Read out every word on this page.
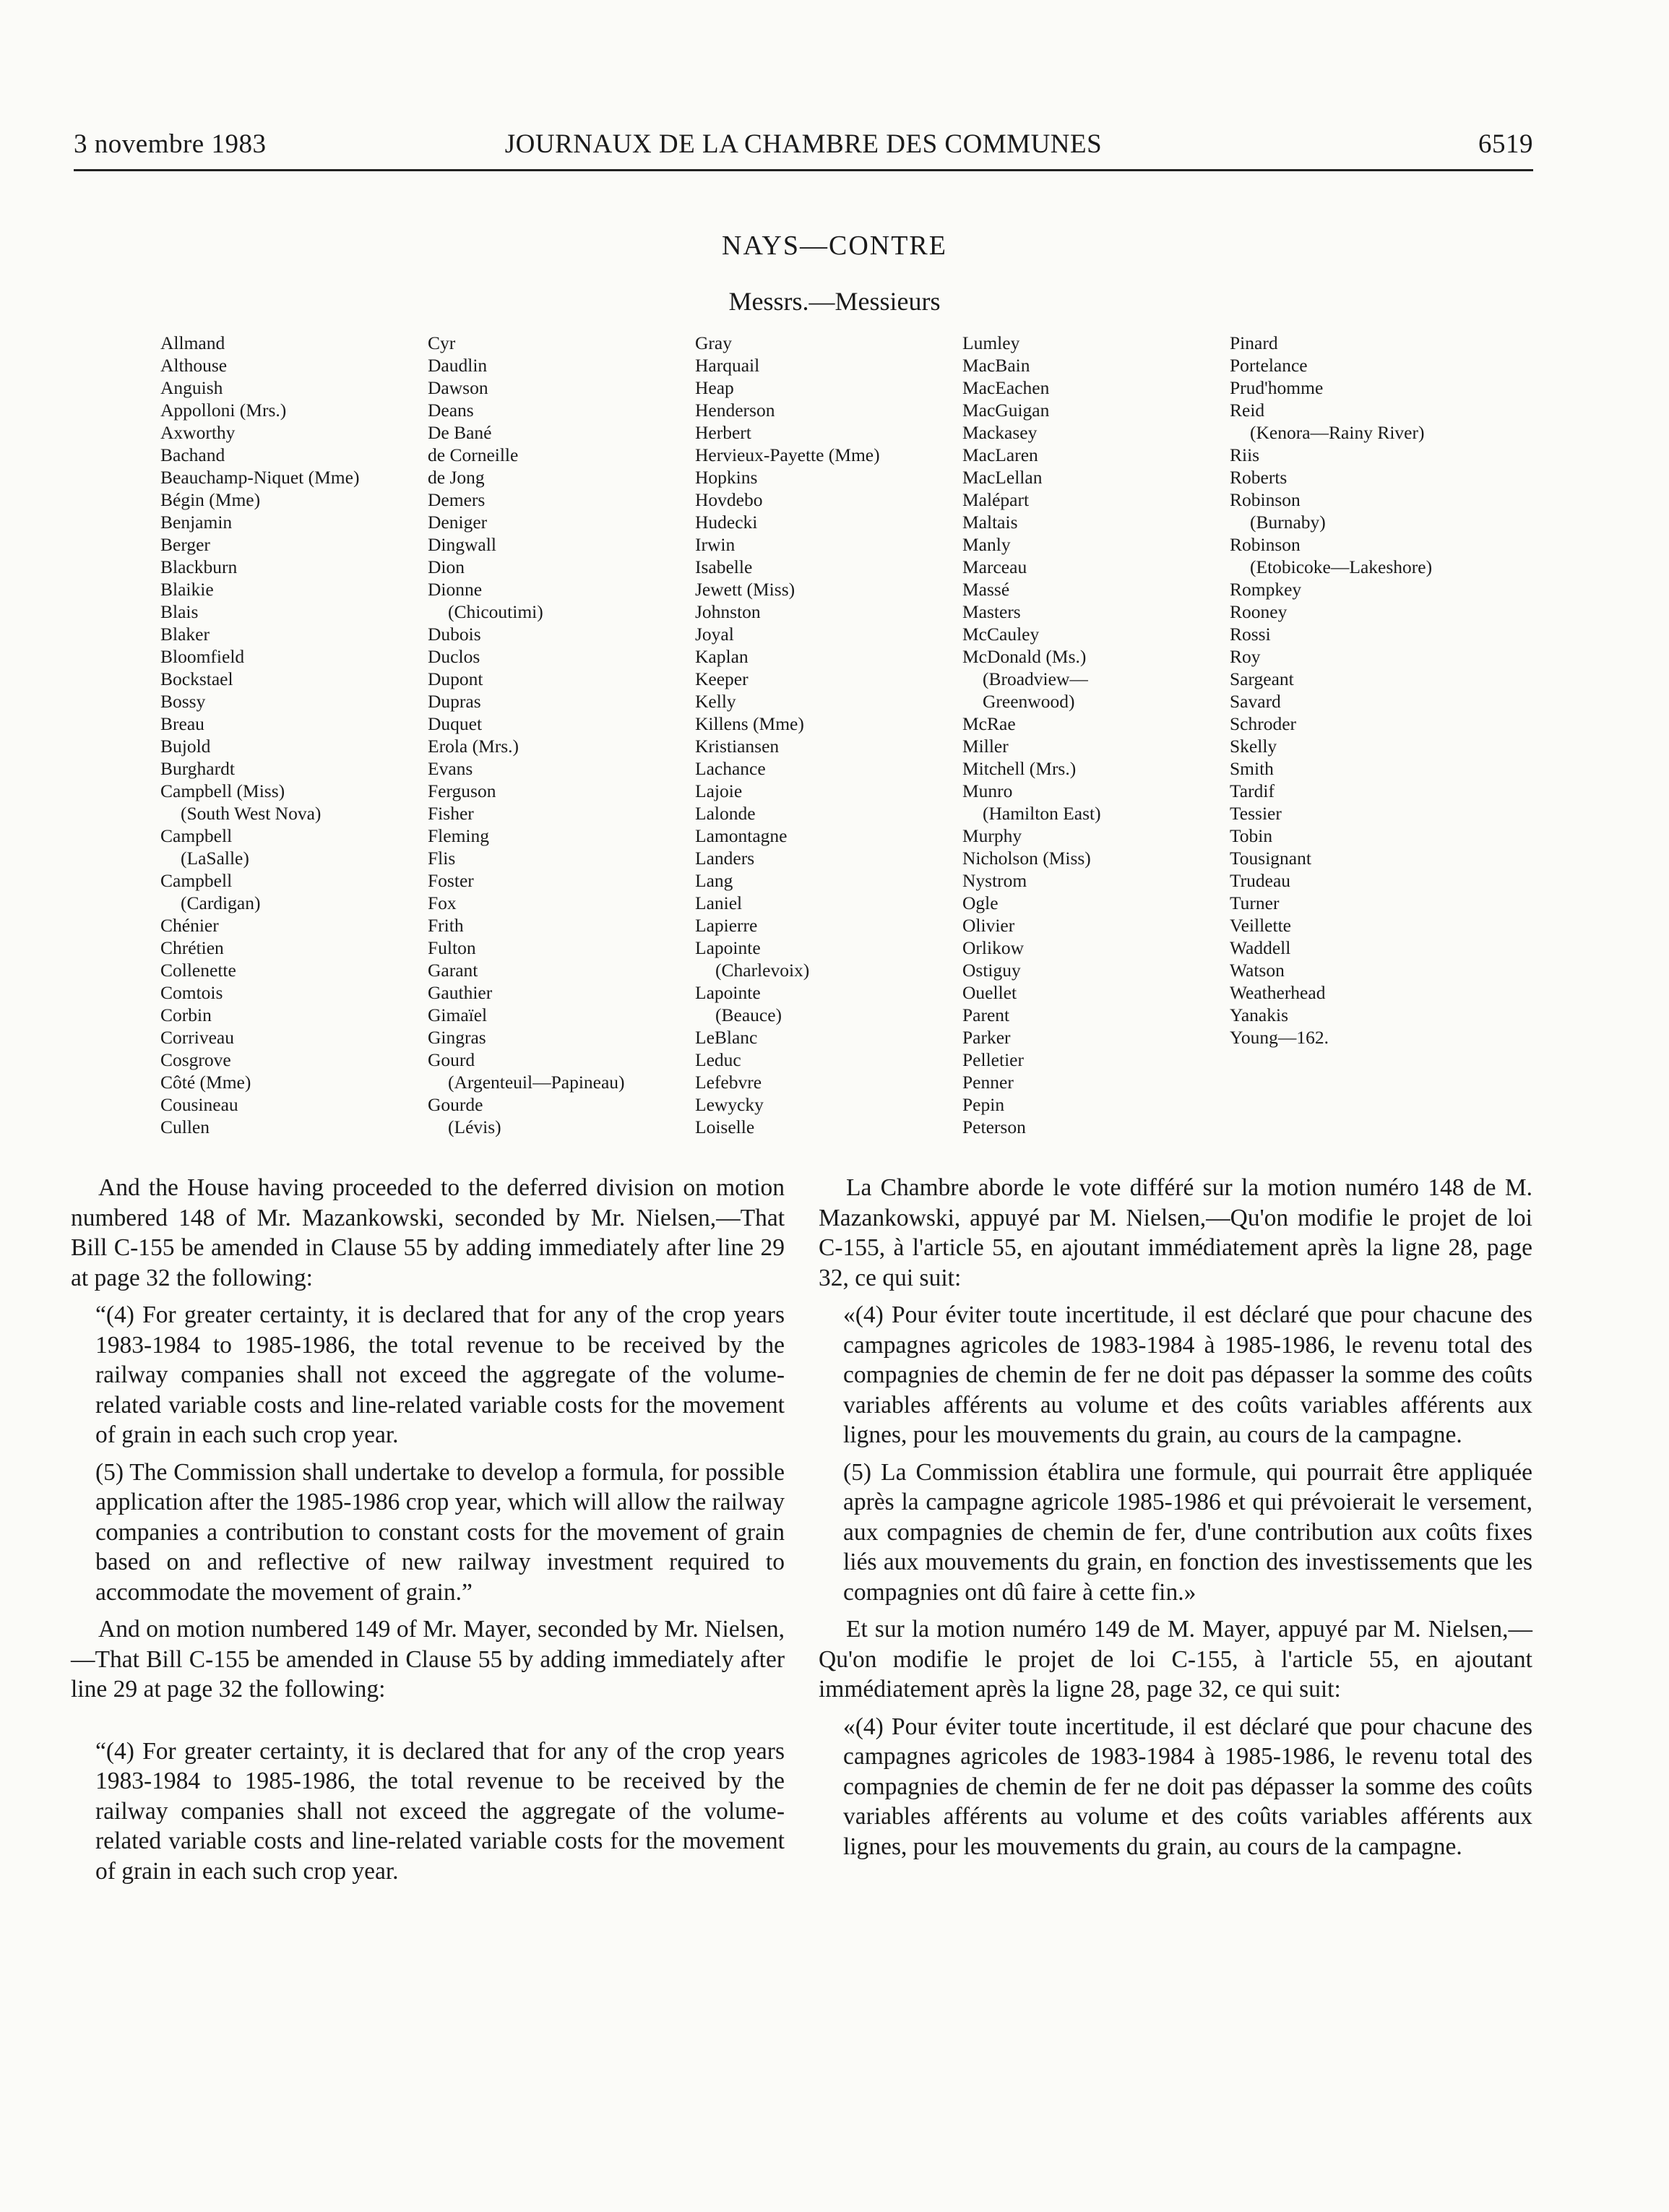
3 novembre 1983	JOURNAUX DE LA CHAMBRE DES COMMUNES	6519
NAYS—CONTRE
Messrs.—Messieurs
Allmand
Althouse
Anguish
Appolloni (Mrs.)
Axworthy
Bachand
Beauchamp-Niquet (Mme)
Bégin (Mme)
Benjamin
Berger
Blackburn
Blaikie
Blais
Blaker
Bloomfield
Bockstael
Bossy
Breau
Bujold
Burghardt
Campbell (Miss)
(South West Nova)
Campbell
(LaSalle)
Campbell
(Cardigan)
Chénier
Chrétien
Collenette
Comtois
Corbin
Corriveau
Cosgrove
Côté (Mme)
Cousineau
Cullen
Cyr
Daudlin
Dawson
Deans
De Bané
de Corneille
de Jong
Demers
Deniger
Dingwall
Dion
Dionne
(Chicoutimi)
Dubois
Duclos
Dupont
Dupras
Duquet
Erola (Mrs.)
Evans
Ferguson
Fisher
Fleming
Flis
Foster
Fox
Frith
Fulton
Garant
Gauthier
Gimaïel
Gingras
Gourd
(Argenteuil—Papineau)
Gourde
(Lévis)
Gray
Harquail
Heap
Henderson
Herbert
Hervieux-Payette (Mme)
Hopkins
Hovdebo
Hudecki
Irwin
Isabelle
Jewett (Miss)
Johnston
Joyal
Kaplan
Keeper
Kelly
Killens (Mme)
Kristiansen
Lachance
Lajoie
Lalonde
Lamontagne
Landers
Lang
Laniel
Lapierre
Lapointe
(Charlevoix)
Lapointe
(Beauce)
LeBlanc
Leduc
Lefebvre
Lewycky
Loiselle
Lumley
MacBain
MacEachen
MacGuigan
Mackasey
MacLaren
MacLellan
Malépart
Maltais
Manly
Marceau
Massé
Masters
McCauley
McDonald (Ms.)
(Broadview—
Greenwood)
McRae
Miller
Mitchell (Mrs.)
Munro
(Hamilton East)
Murphy
Nicholson (Miss)
Nystrom
Ogle
Olivier
Orlikow
Ostiguy
Ouellet
Parent
Parker
Pelletier
Penner
Pepin
Peterson
Pinard
Portelance
Prud'homme
Reid
(Kenora—Rainy River)
Riis
Roberts
Robinson
(Burnaby)
Robinson
(Etobicoke—Lakeshore)
Rompkey
Rooney
Rossi
Roy
Sargeant
Savard
Schroder
Skelly
Smith
Tardif
Tessier
Tobin
Tousignant
Trudeau
Turner
Veillette
Waddell
Watson
Weatherhead
Yanakis
Young—162.

And the House having proceeded to the deferred division on motion numbered 148 of Mr. Mazankowski, seconded by Mr. Nielsen,—That Bill C-155 be amended in Clause 55 by adding immediately after line 29 at page 32 the following:

“(4) For greater certainty, it is declared that for any of the crop years 1983-1984 to 1985-1986, the total revenue to be received by the railway companies shall not exceed the aggregate of the volume-related variable costs and line-related variable costs for the movement of grain in each such crop year.

(5) The Commission shall undertake to develop a formula, for possible application after the 1985-1986 crop year, which will allow the railway companies a contribution to constant costs for the movement of grain based on and reflective of new railway investment required to accommodate the movement of grain.”

And on motion numbered 149 of Mr. Mayer, seconded by Mr. Nielsen,—That Bill C-155 be amended in Clause 55 by adding immediately after line 29 at page 32 the following:

“(4) For greater certainty, it is declared that for any of the crop years 1983-1984 to 1985-1986, the total revenue to be received by the railway companies shall not exceed the aggregate of the volume-related variable costs and line-related variable costs for the movement of grain in each such crop year.

La Chambre aborde le vote différé sur la motion numéro 148 de M. Mazankowski, appuyé par M. Nielsen,—Qu'on modifie le projet de loi C-155, à l'article 55, en ajoutant immédiatement après la ligne 28, page 32, ce qui suit:

«(4) Pour éviter toute incertitude, il est déclaré que pour chacune des campagnes agricoles de 1983-1984 à 1985-1986, le revenu total des compagnies de chemin de fer ne doit pas dépasser la somme des coûts variables afférents au volume et des coûts variables afférents aux lignes, pour les mouvements du grain, au cours de la campagne.

(5) La Commission établira une formule, qui pourrait être appliquée après la campagne agricole 1985-1986 et qui prévoierait le versement, aux compagnies de chemin de fer, d'une contribution aux coûts fixes liés aux mouvements du grain, en fonction des investissements que les compagnies ont dû faire à cette fin.»

Et sur la motion numéro 149 de M. Mayer, appuyé par M. Nielsen,—Qu'on modifie le projet de loi C-155, à l'article 55, en ajoutant immédiatement après la ligne 28, page 32, ce qui suit:

«(4) Pour éviter toute incertitude, il est déclaré que pour chacune des campagnes agricoles de 1983-1984 à 1985-1986, le revenu total des compagnies de chemin de fer ne doit pas dépasser la somme des coûts variables afférents au volume et des coûts variables afférents aux lignes, pour les mouvements du grain, au cours de la campagne.
